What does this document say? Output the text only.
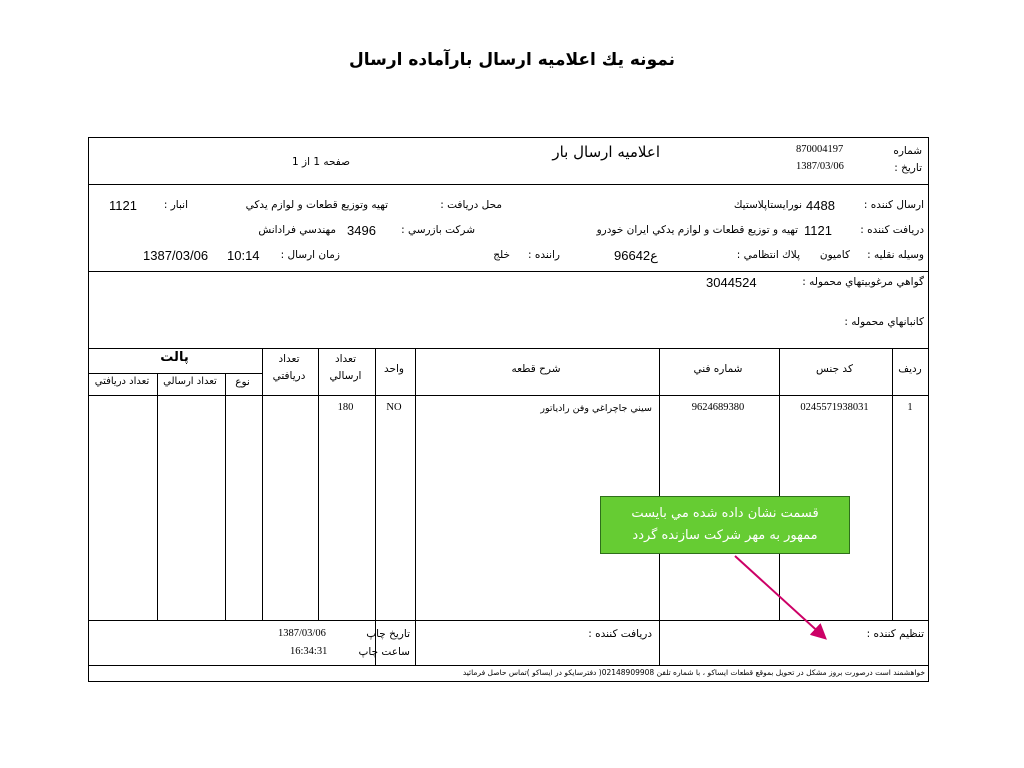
نمونه يك اعلاميه ارسال بارآماده ارسال
اعلاميه ارسال بار
صفحه 1 از 1
شماره
870004197
تاريخ :
1387/03/06
ارسال كننده :
4488
نورايستاپلاستيك
محل دريافت :
تهيه وتوزيع قطعات و لوازم يدكي
انبار :
1121
دريافت كننده :
1121
تهيه و توزيع قطعات و لوازم يدكي ايران خودرو
شركت بازرسي :
3496
مهندسي فرادانش
وسيله نقليه :
كاميون
پلاك انتظامي :
966ع42
راننده :
خلج
زمان ارسال :
10:14
1387/03/06
گواهي مرغوبيتهاي محموله :
3044524
كانبانهاي محموله :
رديف
كد جنس
شماره فني
شرح قطعه
واحد
تعداد
ارسالي
تعداد
دريافتي
پالت
نوع
تعداد ارسالي
تعداد دريافتي
1
0245571938031
9624689380
سيني جاچراغي وفن رادياتور
NO
180
تنظيم كننده :
دريافت كننده :
تاريخ چاپ
1387/03/06
ساعت چاپ
16:34:31
خواهشمند است درصورت بروز مشكل در تحويل بموقع قطعات ايساكو ، با شماره تلفن 02148909908( دفترسايكو در ايساكو )تماس حاصل فرمائيد
قسمت نشان داده شده مي بايست
ممهور به مهر شركت سازنده گردد
